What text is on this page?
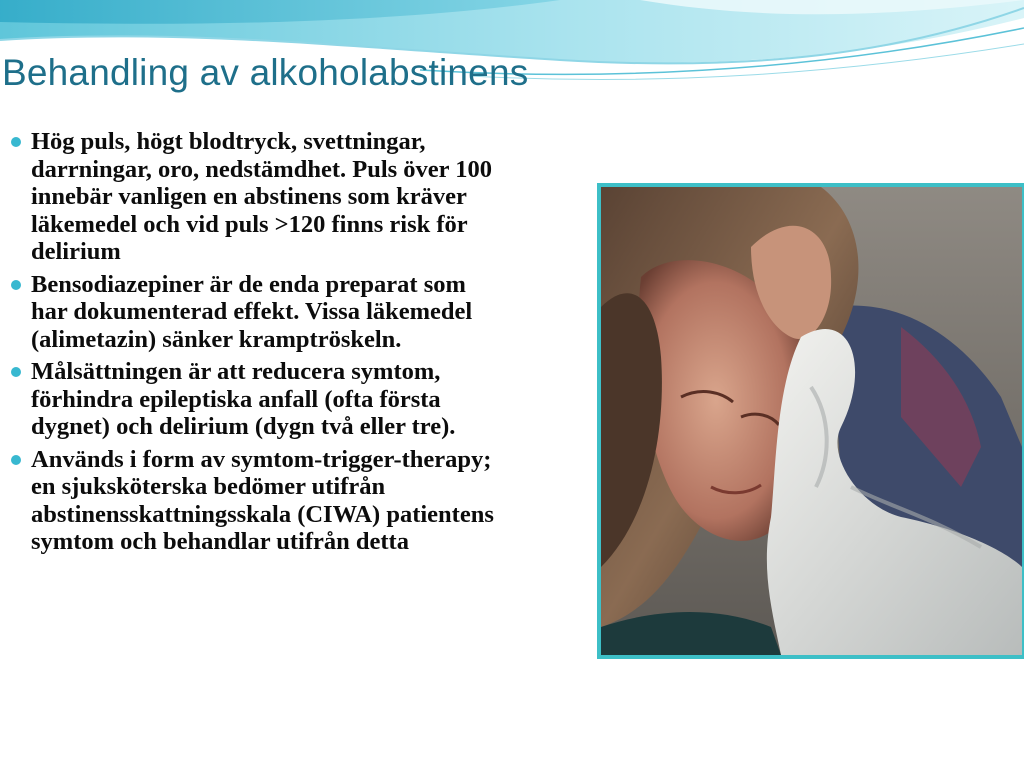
Behandling av alkoholabstinens
Hög puls, högt blodtryck, svettningar, darrningar, oro, nedstämdhet. Puls över 100 innebär vanligen en abstinens som kräver läkemedel och vid puls >120 finns risk för delirium
Bensodiazepiner är de enda preparat som har dokumenterad effekt. Vissa läkemedel (alimetazin) sänker kramptröskeln.
Målsättningen är att reducera symtom, förhindra epileptiska anfall (ofta första dygnet) och delirium (dygn två eller tre).
Används i form av symtom-trigger-therapy; en sjuksköterska bedömer utifrån abstinensskattningsskala (CIWA) patientens symtom och behandlar utifrån detta
